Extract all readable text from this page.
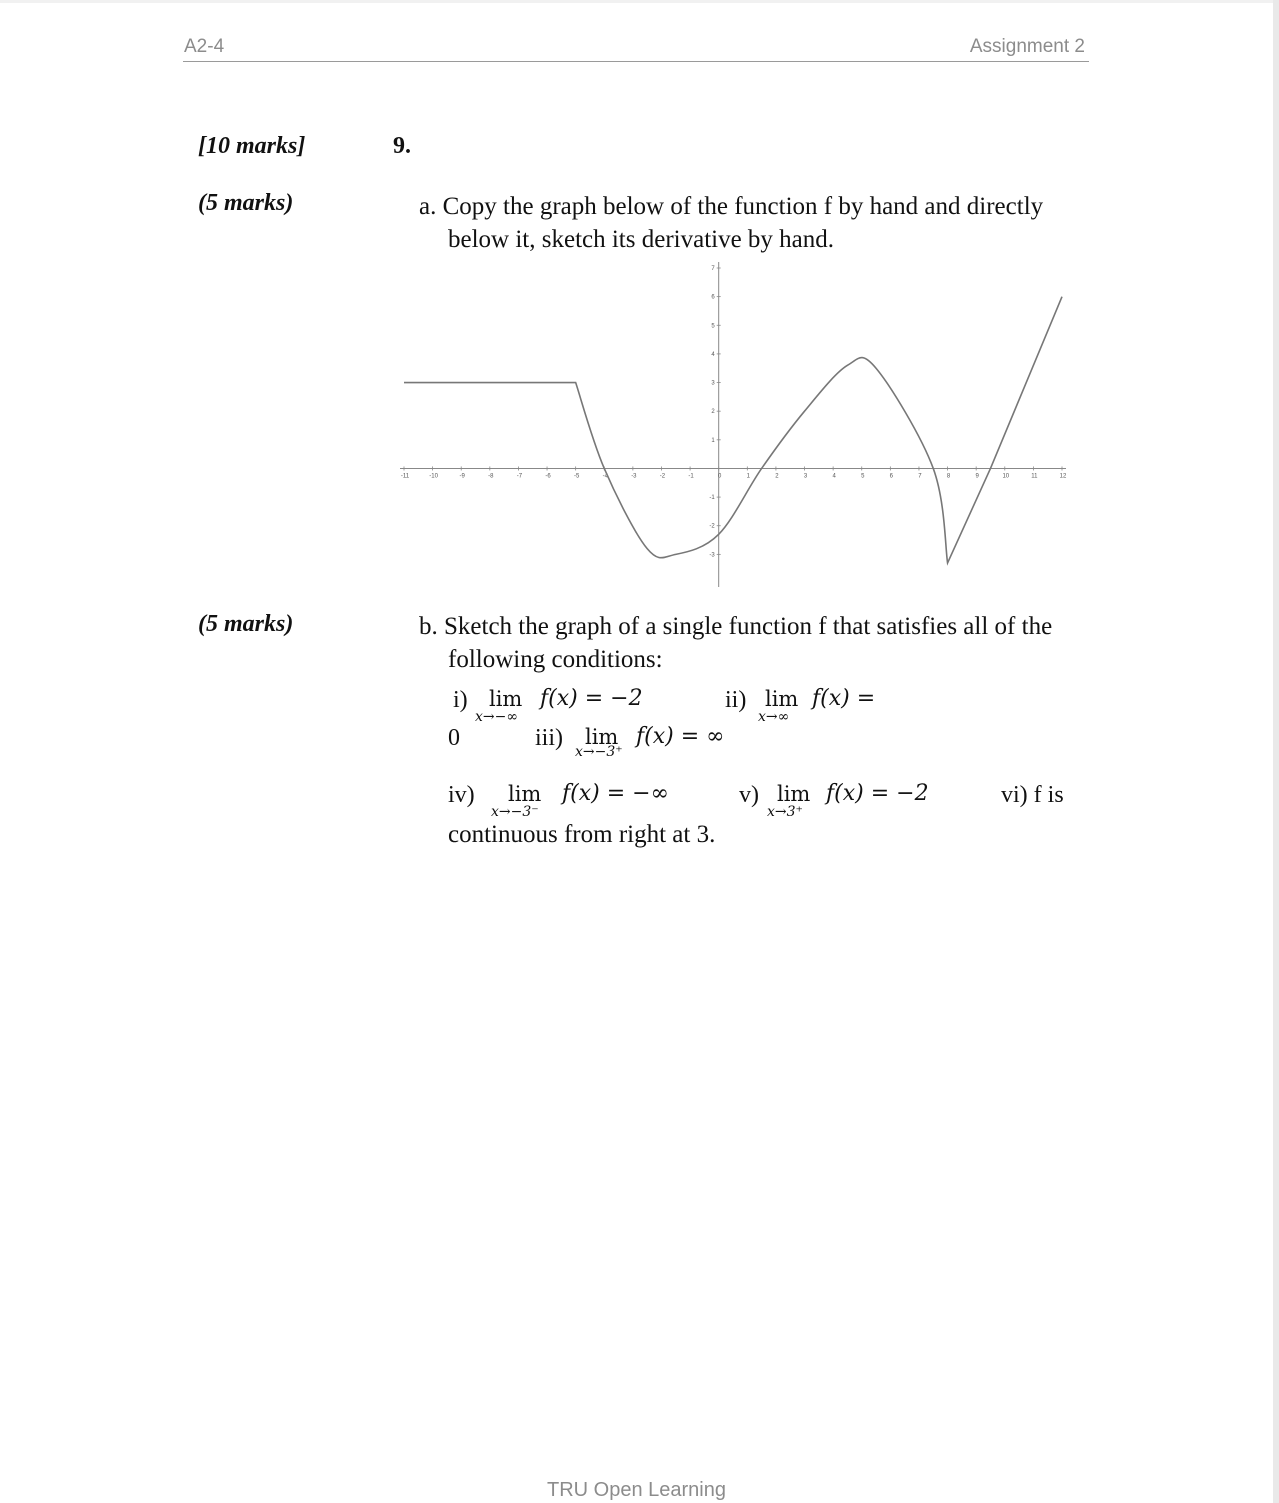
A2-4	Assignment 2
[10 marks]	9.
(5 marks)	a. Copy the graph below of the function f by hand and directly
below it, sketch its derivative by hand.
-11	-10	-9	-8	-7	-6	-5	-4	-3	-2	-1	0	1	2	3	4	5	6	7	8	9	10	11	12
-3
-2
-1
1
2
3
4
5
6
7
(5 marks)	b. Sketch the graph of a single function f that satisfies all of the
following conditions:
i) lim
x→−∞
f(x) = −2	ii) lim
x→∞
f(x) =
0	iii) lim
x→−3⁺
f(x) = ∞
iv) lim
x→−3⁻
f(x) = −∞	v) lim
x→3⁺
f(x) = −2	vi) f is
continuous from right at 3.
TRU Open Learning
